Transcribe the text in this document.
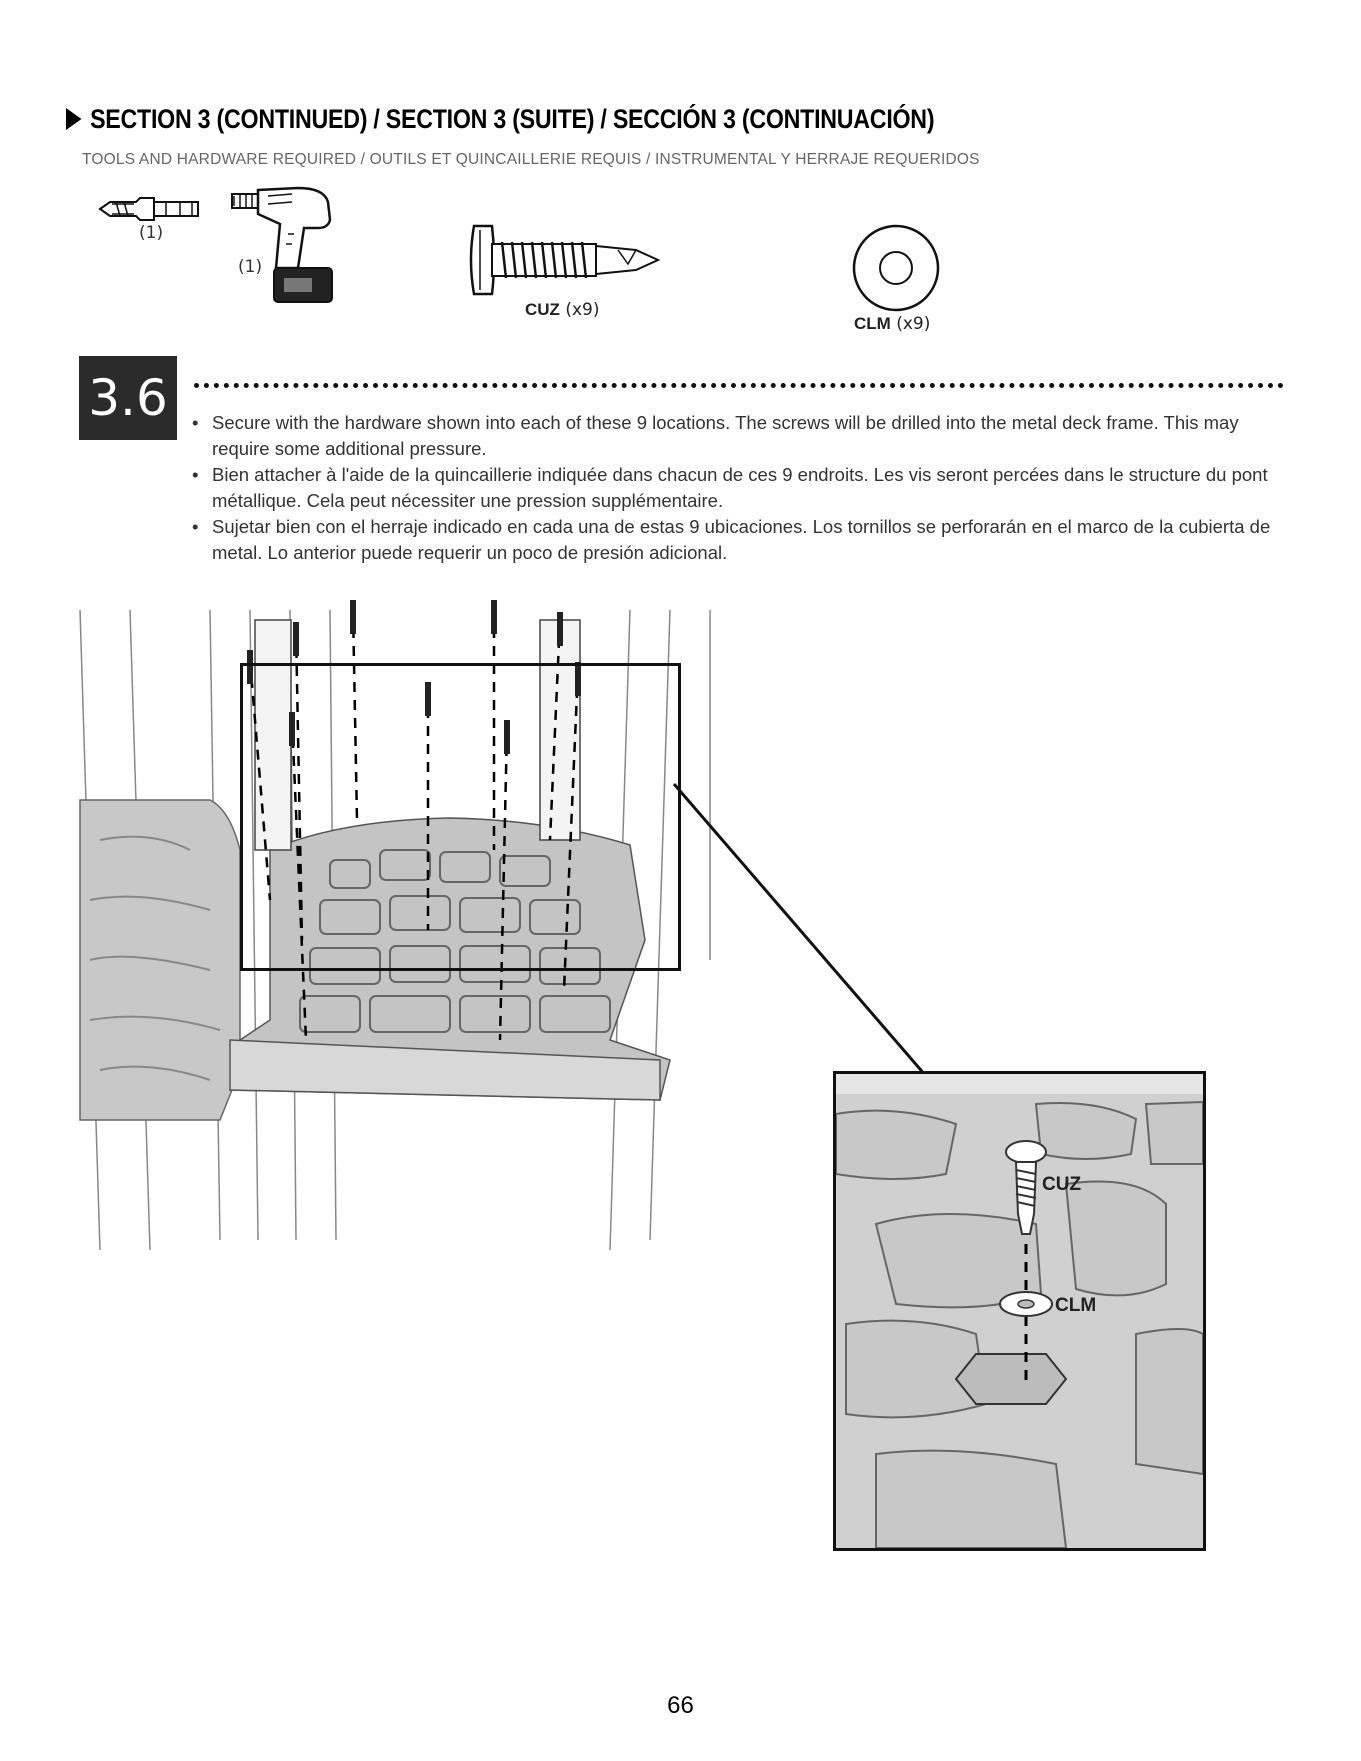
SECTION 3 (CONTINUED) / SECTION 3 (SUITE) / SECCIÓN 3 (CONTINUACIÓN)
TOOLS AND HARDWARE REQUIRED / OUTILS ET QUINCAILLERIE REQUIS / INSTRUMENTAL Y HERRAJE REQUERIDOS
(1)
(1)
CUZ (x9)
CLM (x9)
3.6
•	Secure with the hardware shown into each of these 9 locations. The screws will be drilled into the metal deck frame. This may require some additional pressure.
• Bien attacher à l'aide de la quincaillerie indiquée dans chacun de ces 9 endroits. Les vis seront percées dans le structure du pont métallique. Cela peut nécessiter une pression supplémentaire.
• Sujetar bien con el herraje indicado en cada una de estas 9 ubicaciones. Los tornillos se perforarán en el marco de la cubierta de metal. Lo anterior puede requerir un poco de presión adicional.
CUZ
CLM
66
